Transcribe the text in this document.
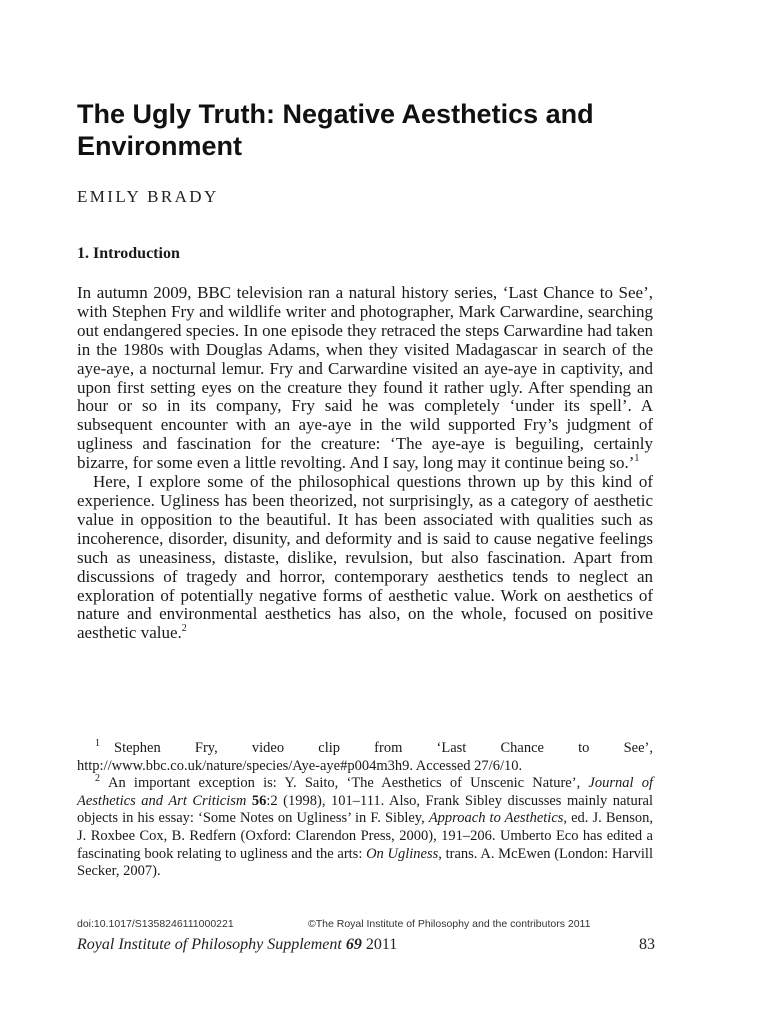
The Ugly Truth: Negative Aesthetics and Environment
EMILY BRADY
1. Introduction

In autumn 2009, BBC television ran a natural history series, ‘Last Chance to See’, with Stephen Fry and wildlife writer and photographer, Mark Carwardine, searching out endangered species. In one episode they retraced the steps Carwardine had taken in the 1980s with Douglas Adams, when they visited Madagascar in search of the aye-aye, a nocturnal lemur. Fry and Carwardine visited an aye-aye in captivity, and upon first setting eyes on the creature they found it rather ugly. After spending an hour or so in its company, Fry said he was completely ‘under its spell’. A subsequent encounter with an aye-aye in the wild supported Fry’s judgment of ugliness and fascination for the creature: ‘The aye-aye is beguiling, certainly bizarre, for some even a little revolting. And I say, long may it continue being so.’$^1$

Here, I explore some of the philosophical questions thrown up by this kind of experience. Ugliness has been theorized, not surprisingly, as a category of aesthetic value in opposition to the beautiful. It has been associated with qualities such as incoherence, disorder, disunity, and deformity and is said to cause negative feelings such as uneasiness, distaste, dislike, revulsion, but also fascination. Apart from discussions of tragedy and horror, contemporary aesthetics tends to neglect an exploration of potentially negative forms of aesthetic value. Work on aesthetics of nature and environmental aesthetics has also, on the whole, focused on positive aesthetic value.$^2$

$^1$ Stephen Fry, video clip from ‘Last Chance to See’, http://www.bbc.co.uk/nature/species/Aye-aye#p004m3h9. Accessed 27/6/10.

$^2$ An important exception is: Y. Saito, ‘The Aesthetics of Unscenic Nature’, Journal of Aesthetics and Art Criticism 56:2 (1998), 101–111. Also, Frank Sibley discusses mainly natural objects in his essay: ‘Some Notes on Ugliness’ in F. Sibley, Approach to Aesthetics, ed. J. Benson, J. Roxbee Cox, B. Redfern (Oxford: Clarendon Press, 2000), 191–206. Umberto Eco has edited a fascinating book relating to ugliness and the arts: On Ugliness, trans. A. McEwen (London: Harvill Secker, 2007).

doi:10.1017/S1358246111000221	©The Royal Institute of Philosophy and the contributors 2011
Royal Institute of Philosophy Supplement 69 2011	83
